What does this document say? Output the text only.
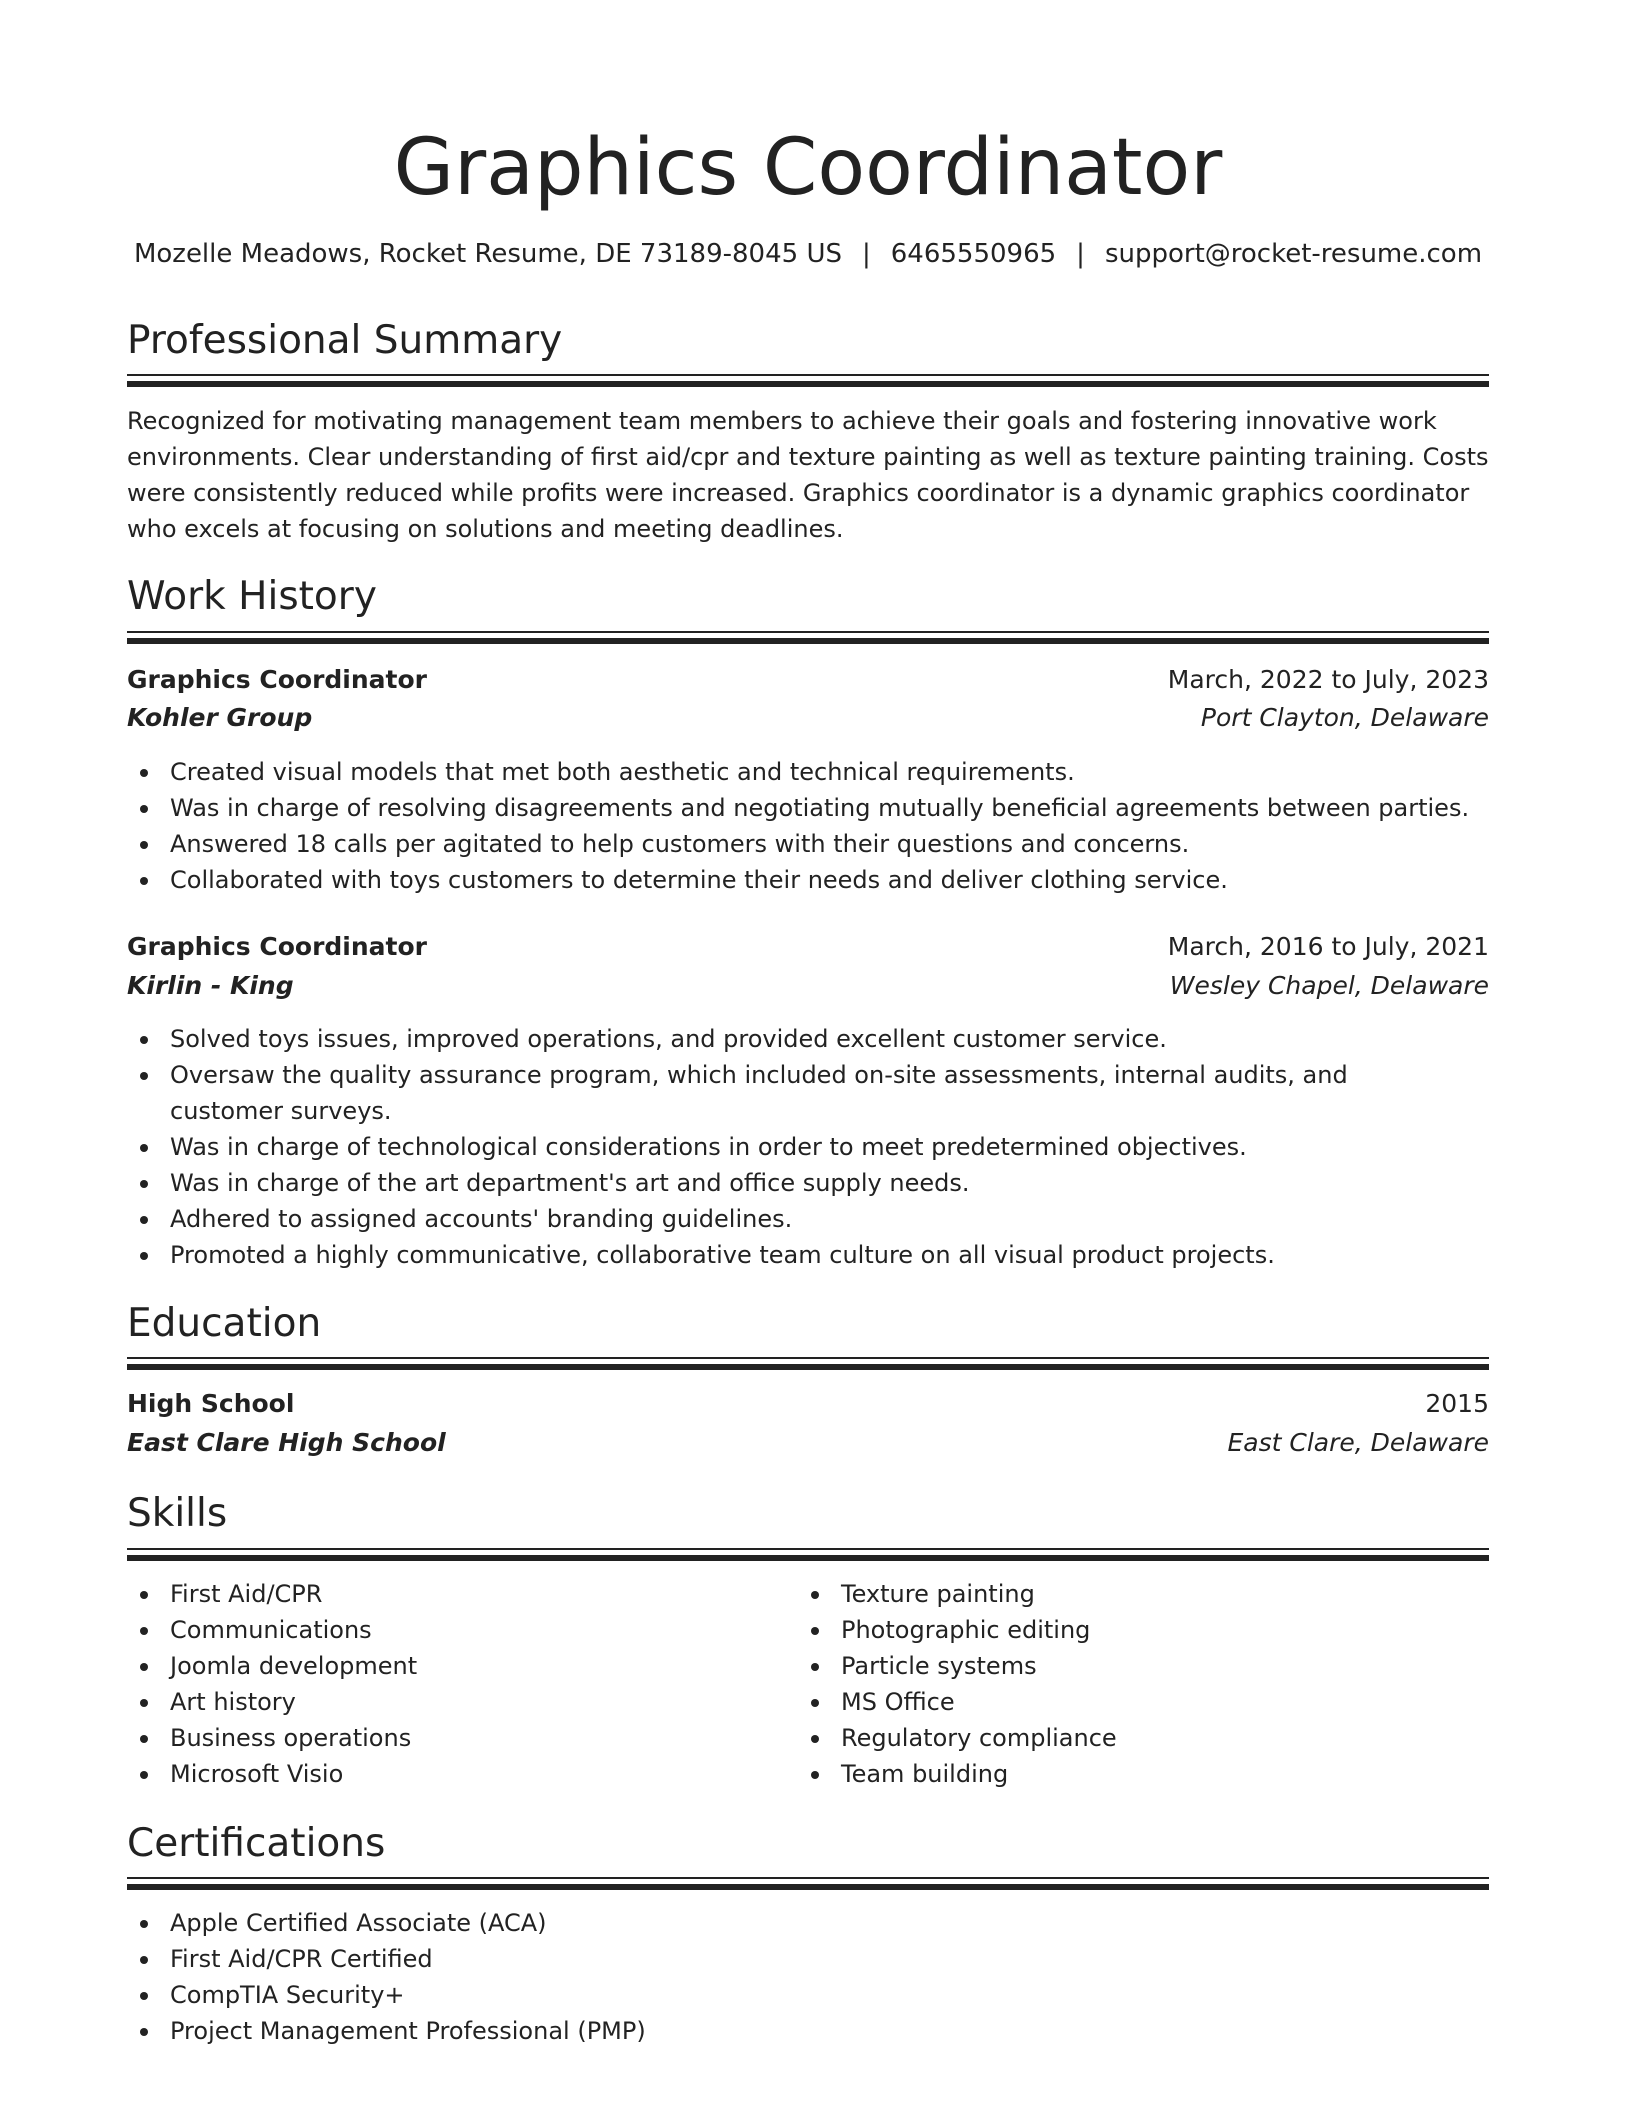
Graphics Coordinator
Mozelle Meadows, Rocket Resume, DE 73189-8045 US | 6465550965 | support@rocket-resume.com
Professional Summary

Recognized for motivating management team members to achieve their goals and fostering innovative work environments. Clear understanding of first aid/cpr and texture painting as well as texture painting training. Costs were consistently reduced while profits were increased. Graphics coordinator is a dynamic graphics coordinator who excels at focusing on solutions and meeting deadlines.

Work History
Graphics Coordinator	March, 2022 to July, 2023
Kohler Group	Port Clayton, Delaware
Created visual models that met both aesthetic and technical requirements.
Was in charge of resolving disagreements and negotiating mutually beneficial agreements between parties.
Answered 18 calls per agitated to help customers with their questions and concerns.
Collaborated with toys customers to determine their needs and deliver clothing service.
Graphics Coordinator	March, 2016 to July, 2021
Kirlin - King	Wesley Chapel, Delaware
Solved toys issues, improved operations, and provided excellent customer service.
Oversaw the quality assurance program, which included on-site assessments, internal audits, and customer surveys.
Was in charge of technological considerations in order to meet predetermined objectives.
Was in charge of the art department's art and office supply needs.
Adhered to assigned accounts' branding guidelines.
Promoted a highly communicative, collaborative team culture on all visual product projects.
Education
High School	2015
East Clare High School	East Clare, Delaware
Skills
First Aid/CPR
Communications
Joomla development
Art history
Business operations
Microsoft Visio
Texture painting
Photographic editing
Particle systems
MS Office
Regulatory compliance
Team building
Certifications
Apple Certified Associate (ACA)
First Aid/CPR Certified
CompTIA Security+
Project Management Professional (PMP)
